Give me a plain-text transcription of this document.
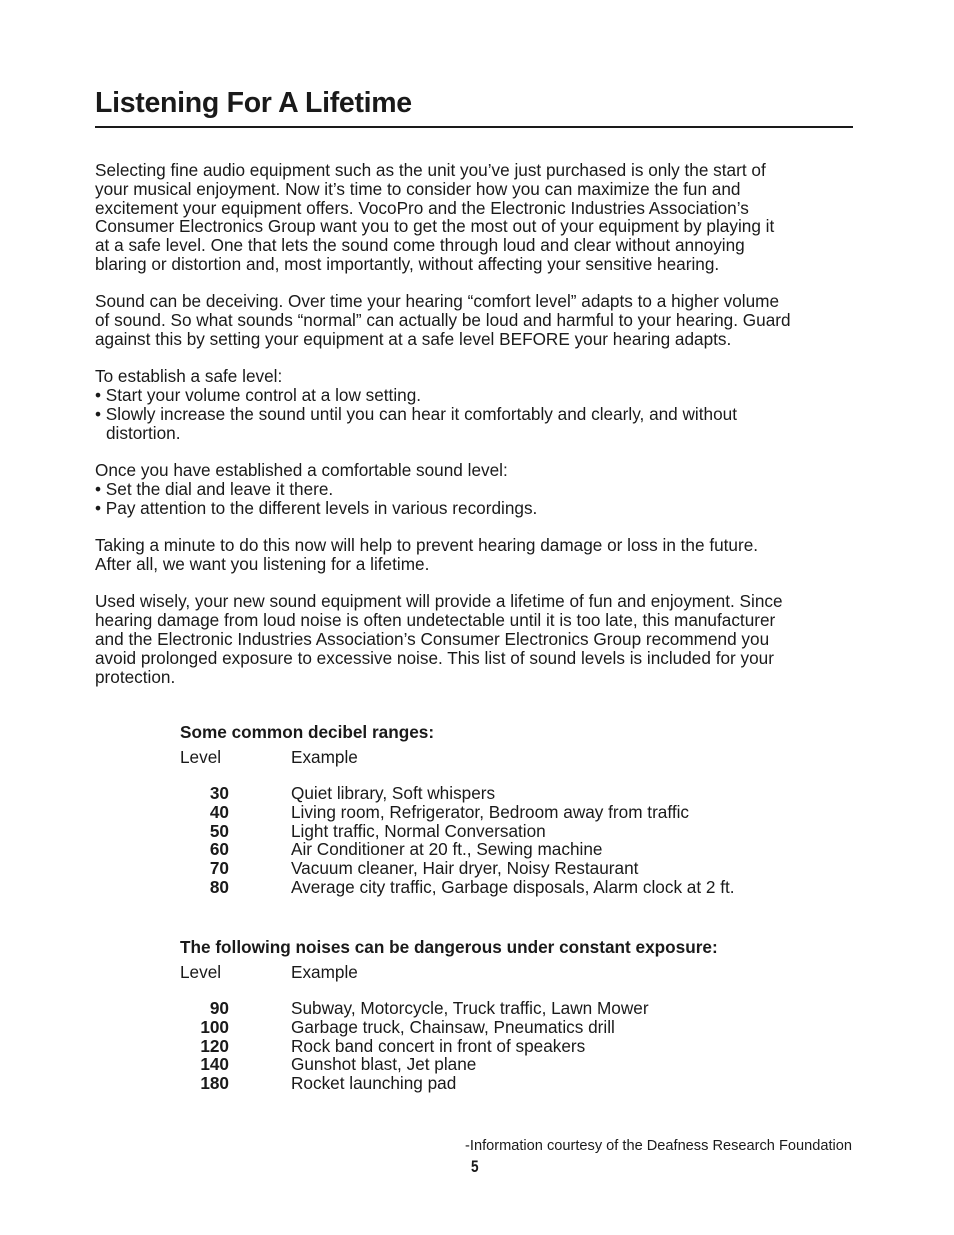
Listening For A Lifetime

Selecting fine audio equipment such as the unit you’ve just purchased is only the start of
your musical enjoyment. Now it’s time to consider how you can maximize the fun and
excitement your equipment offers. VocoPro and the Electronic Industries Association’s
Consumer Electronics Group want you to get the most out of your equipment by playing it
at a safe level. One that lets the sound come through loud and clear without annoying
blaring or distortion and, most importantly, without affecting your sensitive hearing.

Sound can be deceiving. Over time your hearing “comfort level” adapts to a higher volume
of sound. So what sounds “normal” can actually be loud and harmful to your hearing. Guard
against this by setting your equipment at a safe level BEFORE your hearing adapts.

To establish a safe level:
• Start your volume control at a low setting.
• Slowly increase the sound until you can hear it comfortably and clearly, and without
distortion.

Once you have established a comfortable sound level:
• Set the dial and leave it there.
• Pay attention to the different levels in various recordings.

Taking a minute to do this now will help to prevent hearing damage or loss in the future.
After all, we want you listening for a lifetime.

Used wisely, your new sound equipment will provide a lifetime of fun and enjoyment. Since
hearing damage from loud noise is often undetectable until it is too late, this manufacturer
and the Electronic Industries Association’s Consumer Electronics Group recommend you
avoid prolonged exposure to excessive noise. This list of sound levels is included for your
protection.

Some common decibel ranges:

Level	Example
30	Quiet library, Soft whispers
40	Living room, Refrigerator, Bedroom away from traffic
50	Light traffic, Normal Conversation
60	Air Conditioner at 20 ft., Sewing machine
70	Vacuum cleaner, Hair dryer, Noisy Restaurant
80	Average city traffic, Garbage disposals, Alarm clock at 2 ft.

The following noises can be dangerous under constant exposure:

Level	Example
90	Subway, Motorcycle, Truck traffic, Lawn Mower
100	Garbage truck, Chainsaw, Pneumatics drill
120	Rock band concert in front of speakers
140	Gunshot blast, Jet plane
180	Rocket launching pad
-Information courtesy of the Deafness Research Foundation
5
